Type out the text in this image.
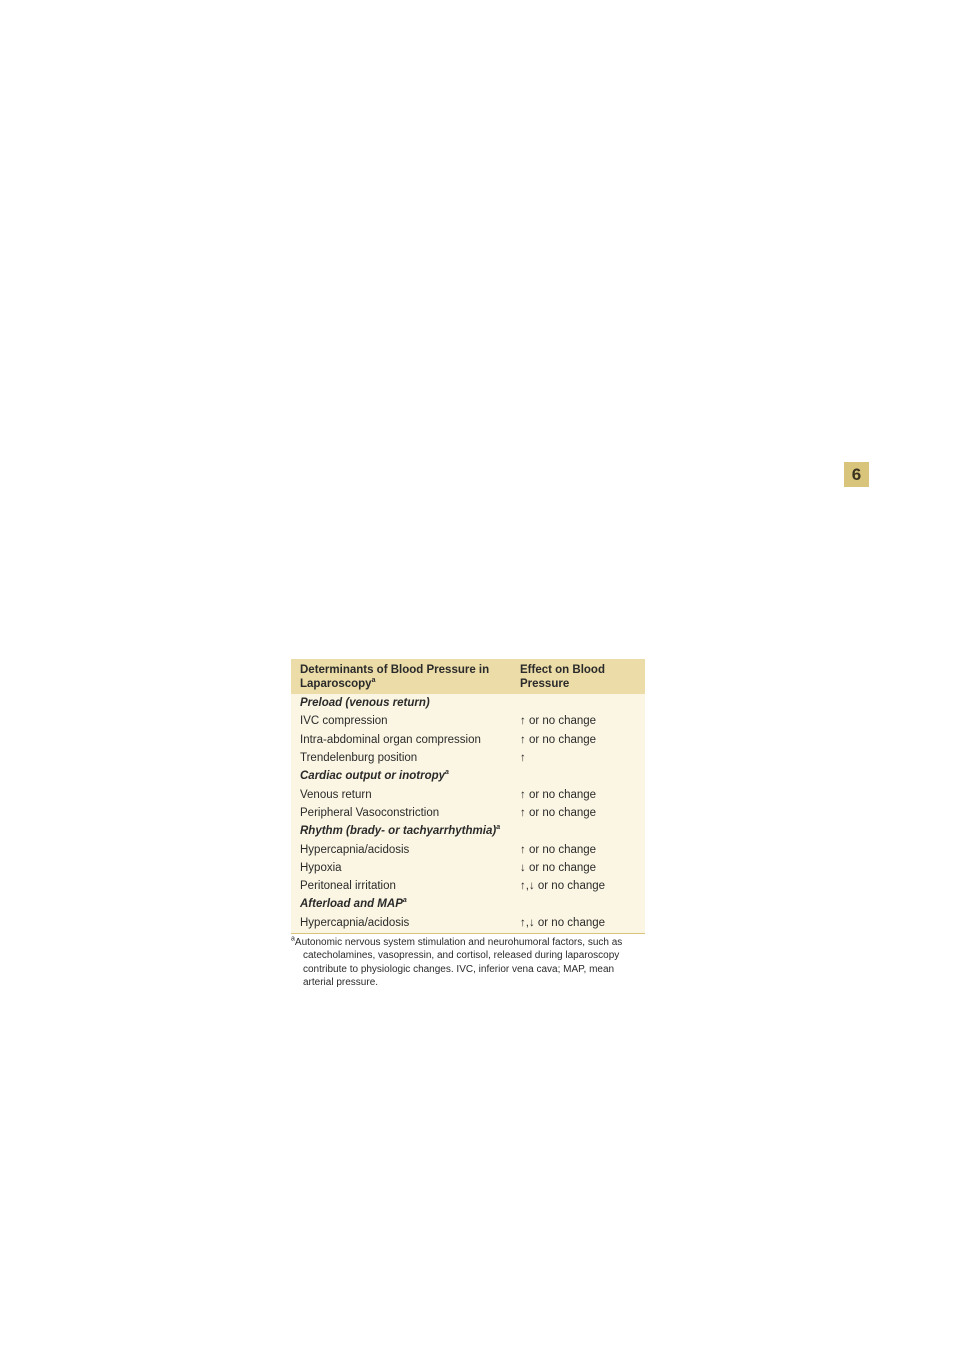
6
Determinants of Blood Pressure in Laparoscopy$^a$	Effect on Blood Pressure
Preload (venous return)	
IVC compression	↑ or no change
Intra-abdominal organ compression	↑ or no change
Trendelenburg position	↑
Cardiac output or inotropy$^a$
Venous return	↑ or no change
Peripheral Vasoconstriction	↑ or no change
Rhythm (brady- or tachyarrhythmia)$^a$
Hypercapnia/acidosis	↑ or no change
Hypoxia	↓ or no change
Peritoneal irritation	↑,↓ or no change
Afterload and MAP$^a$
Hypercapnia/acidosis	↑,↓ or no change
$^a$Autonomic nervous system stimulation and neurohumoral factors, such as catecholamines, vasopressin, and cortisol, released during laparoscopy contribute to physiologic changes. IVC, inferior vena cava; MAP, mean arterial pressure.
